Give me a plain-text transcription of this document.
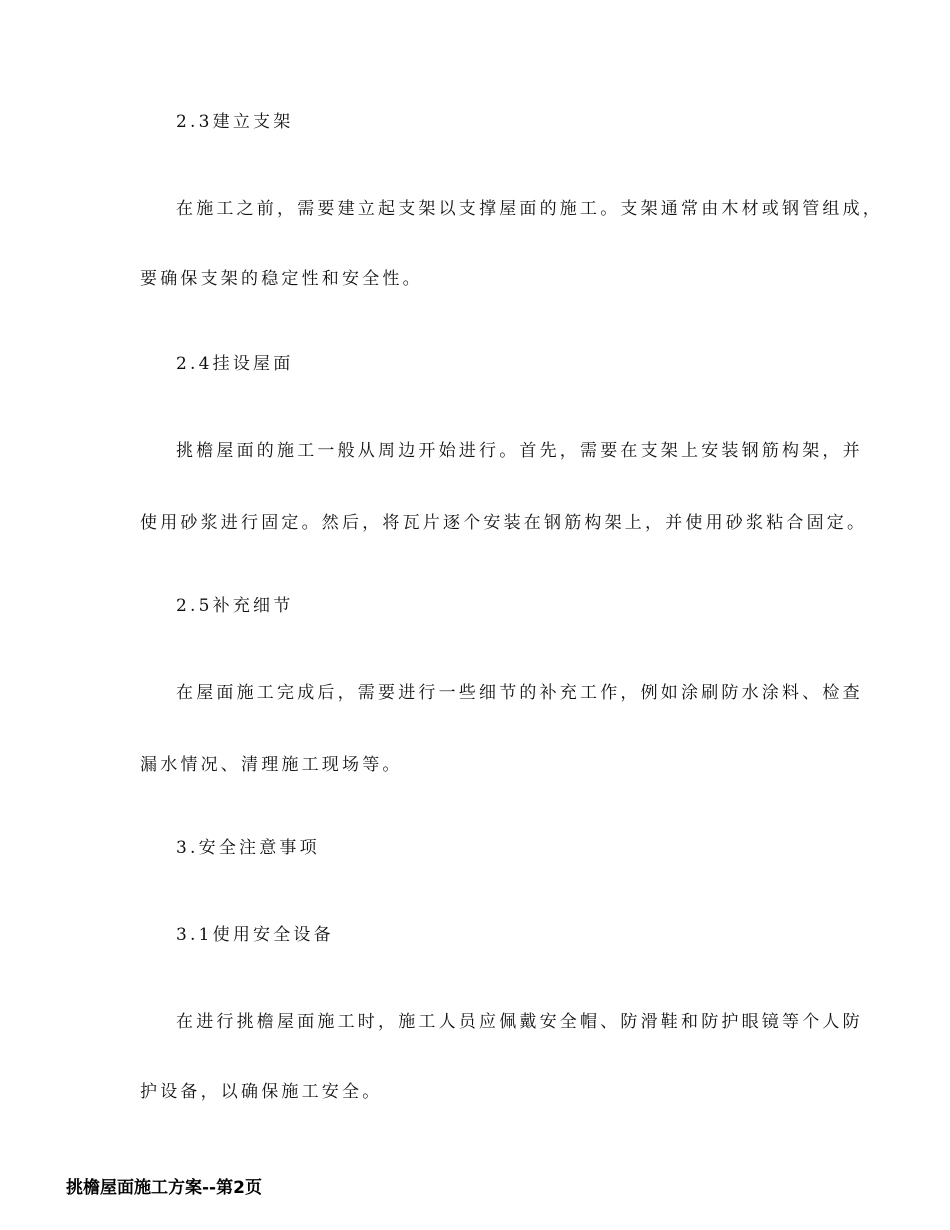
2.3建立支架
在施工之前，需要建立起支架以支撑屋面的施工。支架通常由木材或钢管组成，
要确保支架的稳定性和安全性。
2.4挂设屋面
挑檐屋面的施工一般从周边开始进行。首先，需要在支架上安装钢筋构架，并
使用砂浆进行固定。然后，将瓦片逐个安装在钢筋构架上，并使用砂浆粘合固定。
2.5补充细节
在屋面施工完成后，需要进行一些细节的补充工作，例如涂刷防水涂料、检查
漏水情况、清理施工现场等。
3.安全注意事项
3.1使用安全设备
在进行挑檐屋面施工时，施工人员应佩戴安全帽、防滑鞋和防护眼镜等个人防
护设备，以确保施工安全。
挑檐屋面施工方案--第2页
